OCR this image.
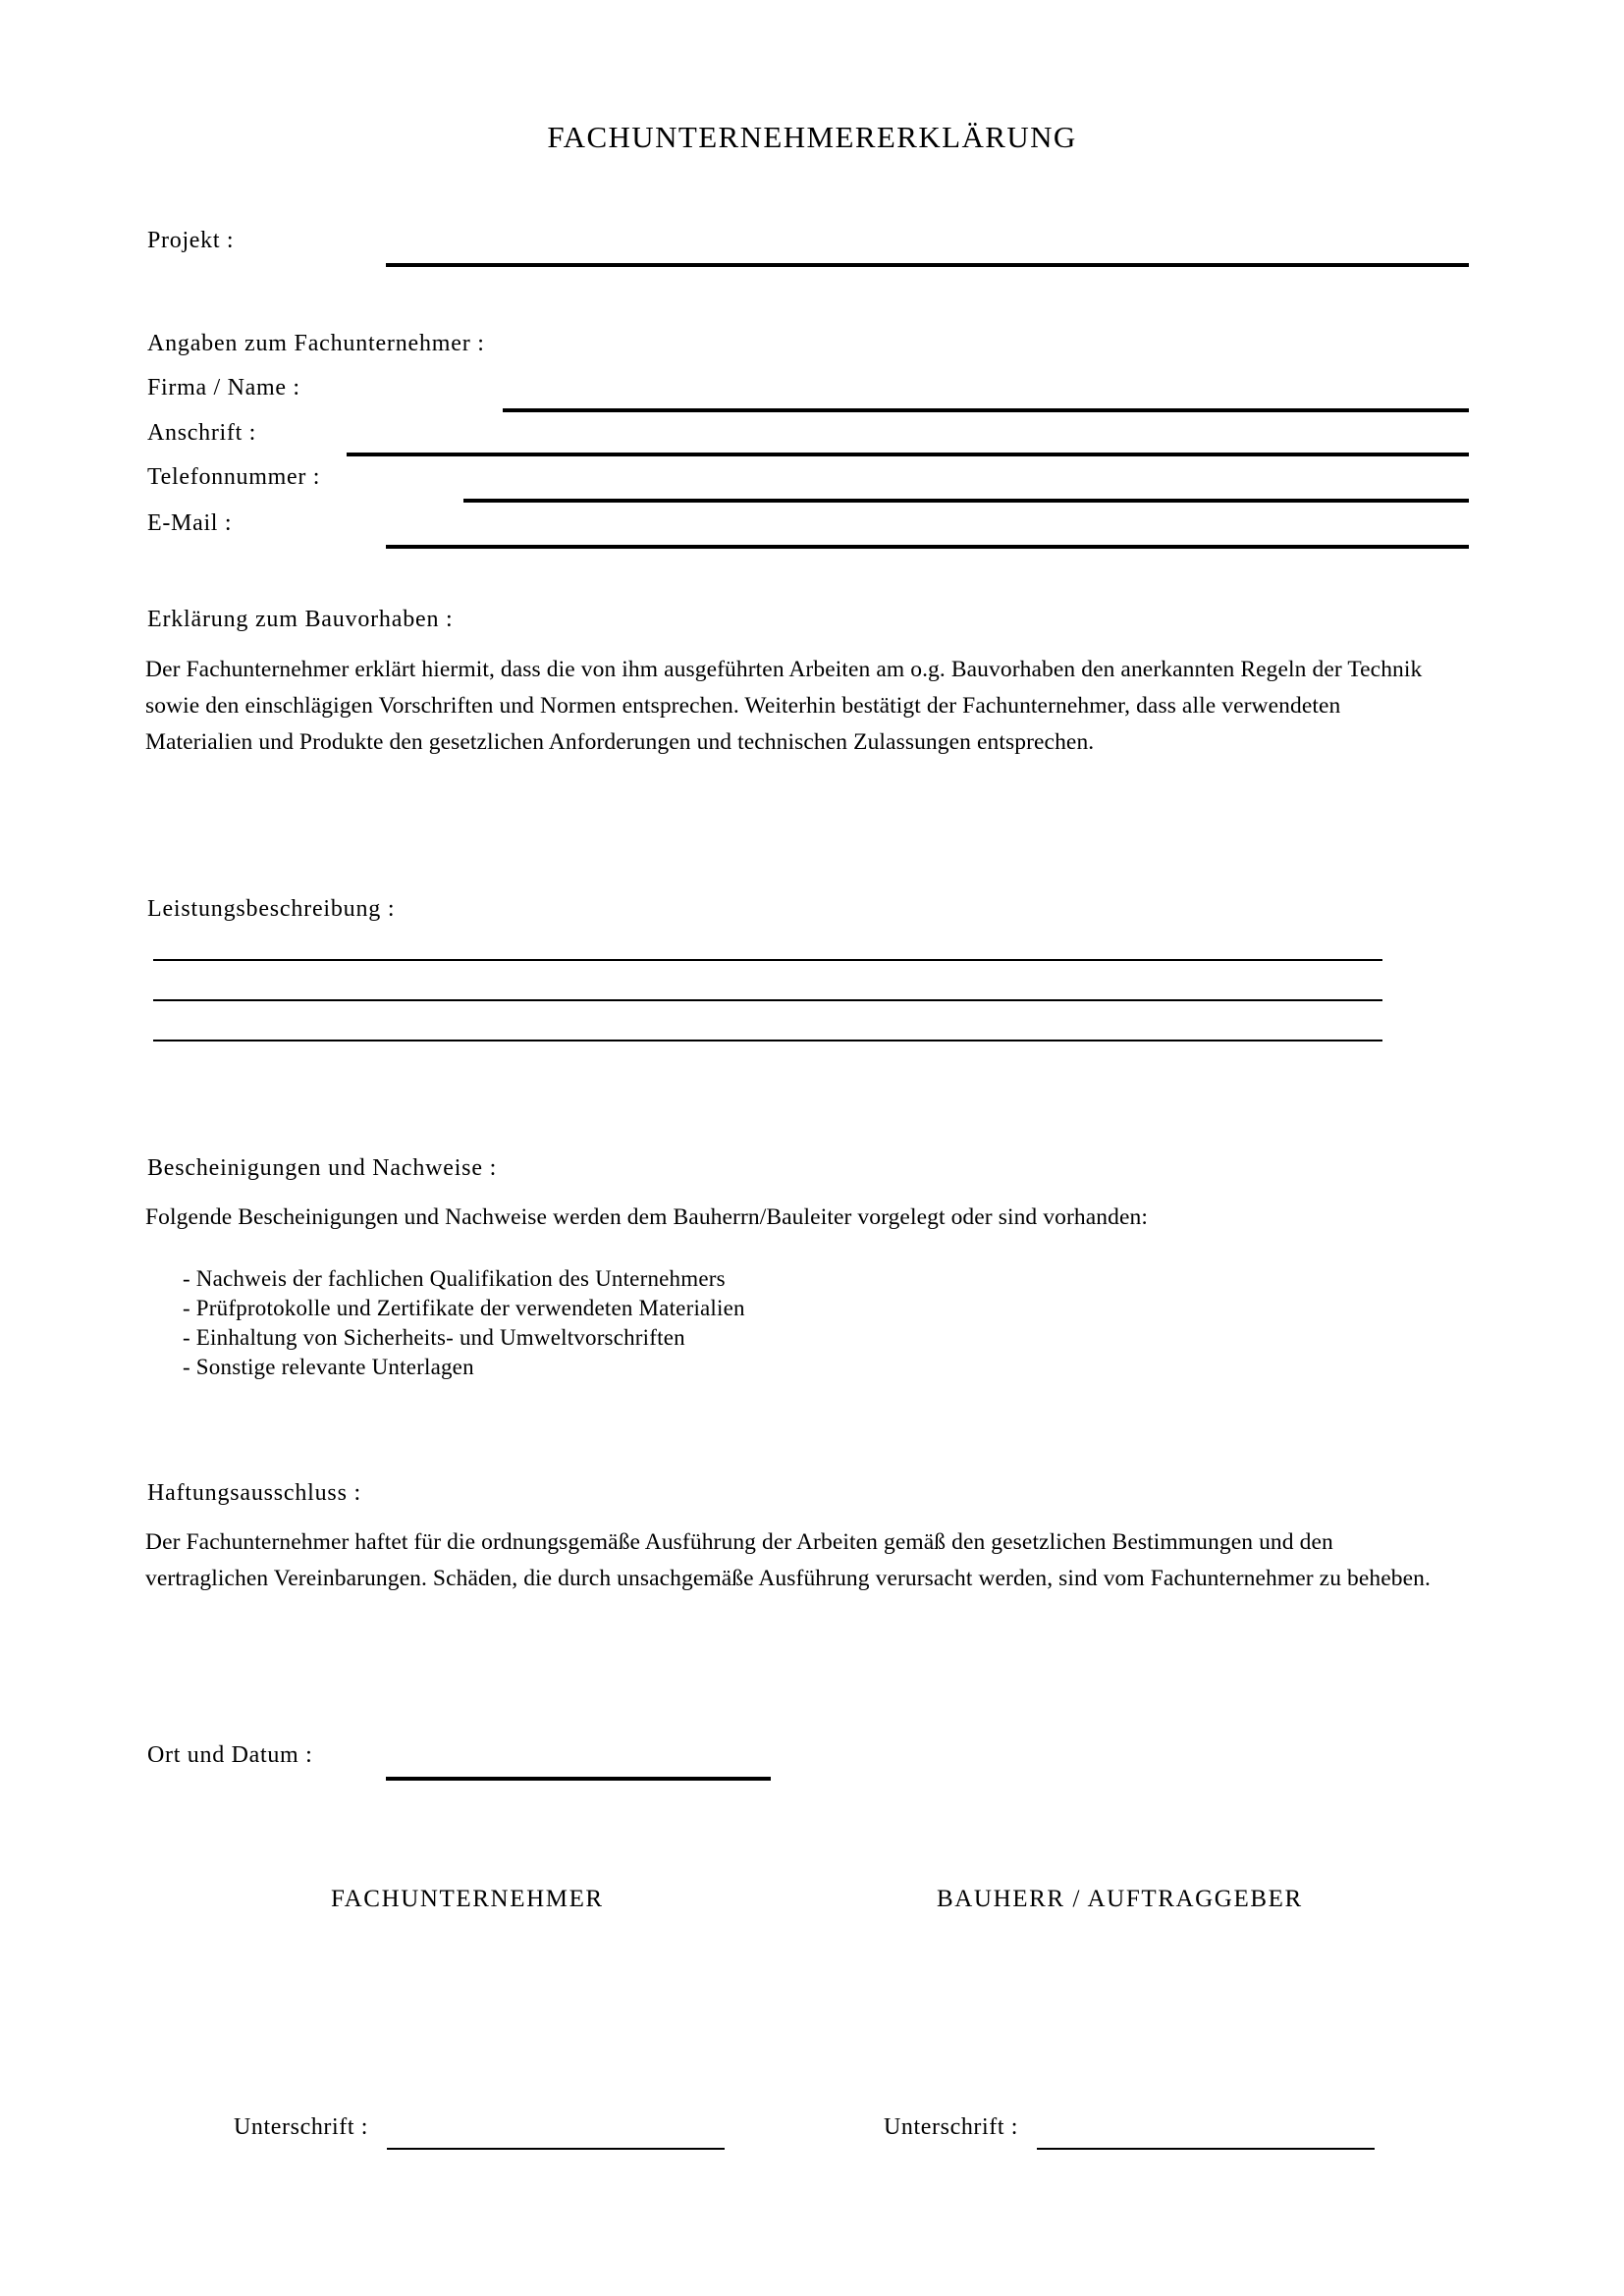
FACHUNTERNEHMERERKLÄRUNG
Projekt :
Angaben zum Fachunternehmer :
Firma / Name :
Anschrift :
Telefonnummer :
E-Mail :
Erklärung zum Bauvorhaben :
Der Fachunternehmer erklärt hiermit, dass die von ihm ausgeführten Arbeiten am o.g. Bauvorhaben den anerkannten Regeln der Technik sowie den einschlägigen Vorschriften und Normen entsprechen. Weiterhin bestätigt der Fachunternehmer, dass alle verwendeten Materialien und Produkte den gesetzlichen Anforderungen und technischen Zulassungen entsprechen.
Leistungsbeschreibung :
Bescheinigungen und Nachweise :
Folgende Bescheinigungen und Nachweise werden dem Bauherrn/Bauleiter vorgelegt oder sind vorhanden:
- Nachweis der fachlichen Qualifikation des Unternehmers
- Prüfprotokolle und Zertifikate der verwendeten Materialien
- Einhaltung von Sicherheits- und Umweltvorschriften
- Sonstige relevante Unterlagen
Haftungsausschluss :
Der Fachunternehmer haftet für die ordnungsgemäße Ausführung der Arbeiten gemäß den gesetzlichen Bestimmungen und den vertraglichen Vereinbarungen. Schäden, die durch unsachgemäße Ausführung verursacht werden, sind vom Fachunternehmer zu beheben.
Ort und Datum :
FACHUNTERNEHMER	BAUHERR / AUFTRAGGEBER
Unterschrift :	Unterschrift :
